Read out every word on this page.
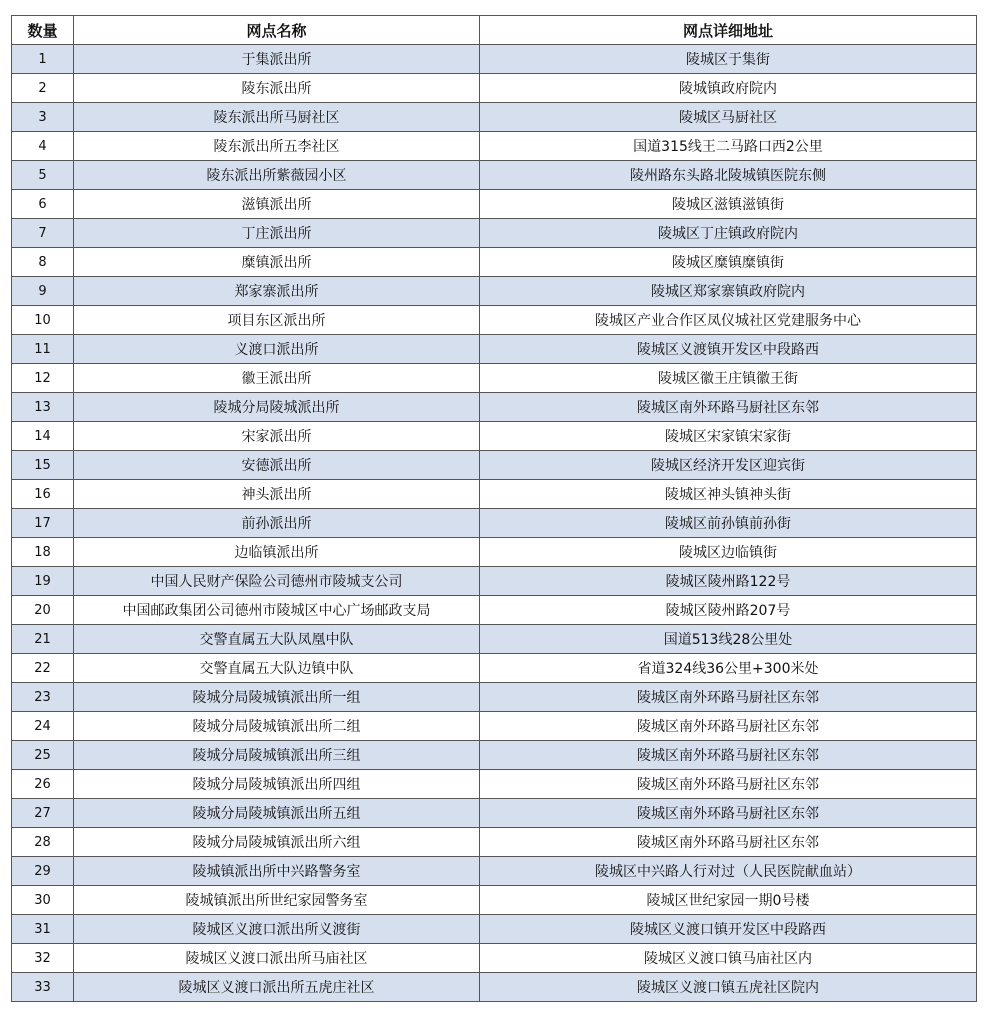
数量	网点名称	网点详细地址
1	于集派出所	陵城区于集街
2	陵东派出所	陵城镇政府院内
3	陵东派出所马厨社区	陵城区马厨社区
4	陵东派出所五李社区	国道315线王二马路口西2公里
5	陵东派出所紫薇园小区	陵州路东头路北陵城镇医院东侧
6	滋镇派出所	陵城区滋镇滋镇街
7	丁庄派出所	陵城区丁庄镇政府院内
8	糜镇派出所	陵城区糜镇糜镇街
9	郑家寨派出所	陵城区郑家寨镇政府院内
10	项目东区派出所	陵城区产业合作区凤仪城社区党建服务中心
11	义渡口派出所	陵城区义渡镇开发区中段路西
12	徽王派出所	陵城区徽王庄镇徽王街
13	陵城分局陵城派出所	陵城区南外环路马厨社区东邻
14	宋家派出所	陵城区宋家镇宋家街
15	安德派出所	陵城区经济开发区迎宾街
16	神头派出所	陵城区神头镇神头街
17	前孙派出所	陵城区前孙镇前孙街
18	边临镇派出所	陵城区边临镇街
19	中国人民财产保险公司德州市陵城支公司	陵城区陵州路122号
20	中国邮政集团公司德州市陵城区中心广场邮政支局	陵城区陵州路207号
21	交警直属五大队凤凰中队	国道513线28公里处
22	交警直属五大队边镇中队	省道324线36公里+300米处
23	陵城分局陵城镇派出所一组	陵城区南外环路马厨社区东邻
24	陵城分局陵城镇派出所二组	陵城区南外环路马厨社区东邻
25	陵城分局陵城镇派出所三组	陵城区南外环路马厨社区东邻
26	陵城分局陵城镇派出所四组	陵城区南外环路马厨社区东邻
27	陵城分局陵城镇派出所五组	陵城区南外环路马厨社区东邻
28	陵城分局陵城镇派出所六组	陵城区南外环路马厨社区东邻
29	陵城镇派出所中兴路警务室	陵城区中兴路人行对过（人民医院献血站）
30	陵城镇派出所世纪家园警务室	陵城区世纪家园一期0号楼
31	陵城区义渡口派出所义渡街	陵城区义渡口镇开发区中段路西
32	陵城区义渡口派出所马庙社区	陵城区义渡口镇马庙社区内
33	陵城区义渡口派出所五虎庄社区	陵城区义渡口镇五虎社区院内
